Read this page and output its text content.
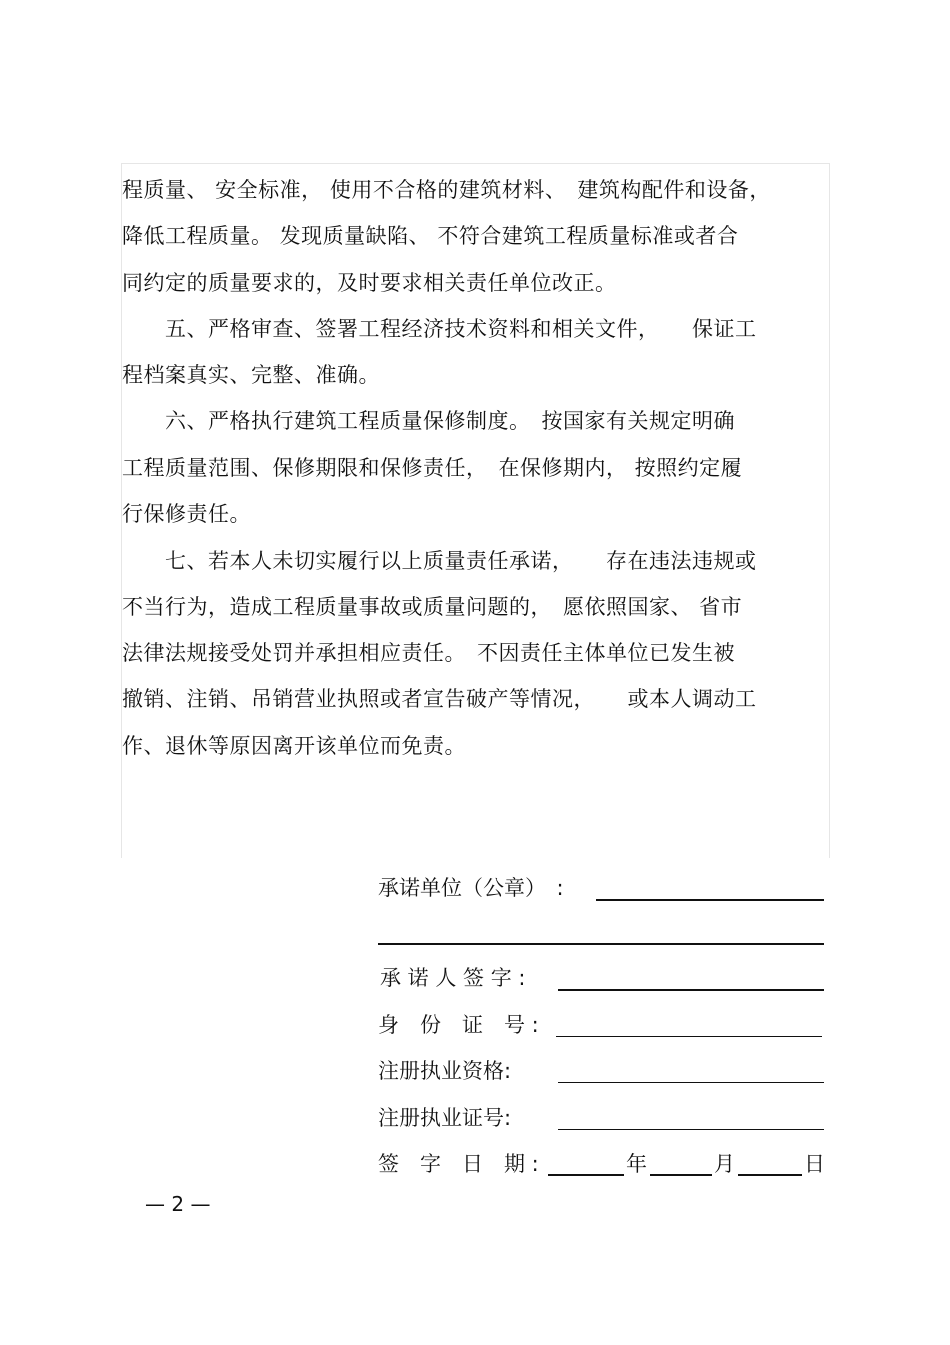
程质量、 安全标准， 使用不合格的建筑材料、　建筑构配件和设备，
降低工程质量。 发现质量缺陷、 不符合建筑工程质量标准或者合
同约定的质量要求的，及时要求相关责任单位改正。
　　五、严格审查、签署工程经济技术资料和相关文件，　　保证工
程档案真实、完整、准确。
　　六、严格执行建筑工程质量保修制度。　按国家有关规定明确
工程质量范围、保修期限和保修责任，　在保修期内， 按照约定履
行保修责任。
　　七、若本人未切实履行以上质量责任承诺，　　存在违法违规或
不当行为，造成工程质量事故或质量问题的，　愿依照国家、 省市
法律法规接受处罚并承担相应责任。　不因责任主体单位已发生被
撤销、注销、吊销营业执照或者宣告破产等情况，　　或本人调动工
作、退休等原因离开该单位而免责。
承诺单位（公章）　:
承 诺 人 签 字 :
身　份　证　号 :
注册执业资格:
注册执业证号:
签　字　日　期 :	年	月	日
— 2 —
